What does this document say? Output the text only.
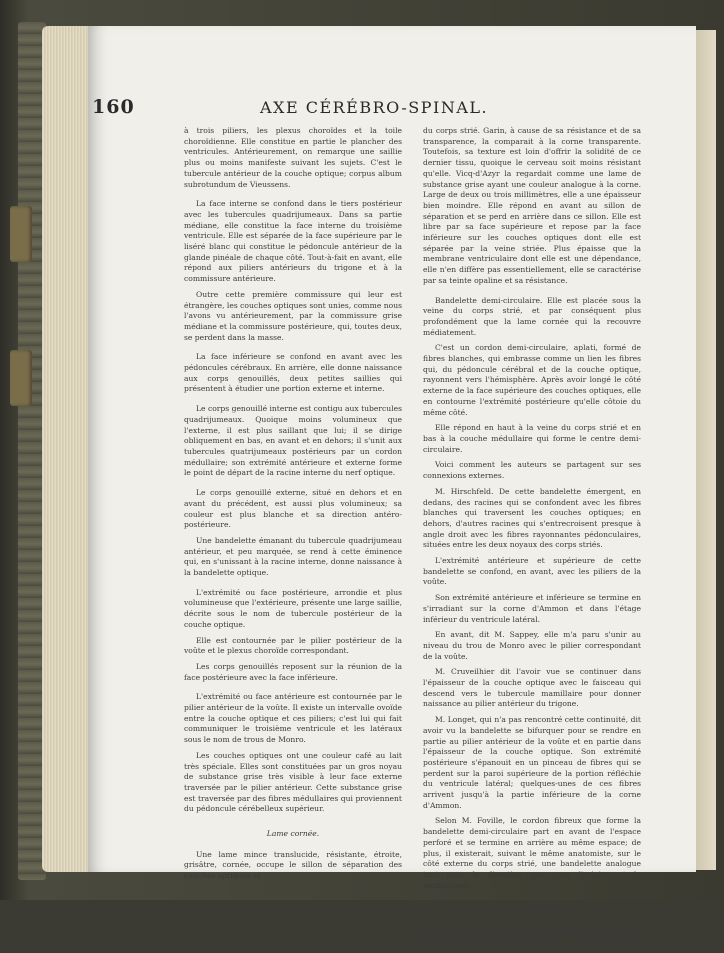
160	AXE CÉRÉBRO-SPINAL.

à trois piliers, les plexus choroïdes et la toile choroïdienne. Elle constitue en partie le plancher des ventricules. Antérieurement, on remarque une saillie plus ou moins manifeste suivant les sujets. C'est le tubercule antérieur de la couche optique; corpus album subrotundum de Vieussens.

La face interne se confond dans le tiers postérieur avec les tubercules quadrijumeaux. Dans sa partie médiane, elle constitue la face interne du troisième ventricule. Elle est séparée de la face supérieure par le liséré blanc qui constitue le pédoncule antérieur de la glande pinéale de chaque côté. Tout-à-fait en avant, elle répond aux piliers antérieurs du trigone et à la commissure antérieure.

Outre cette première commissure qui leur est étrangère, les couches optiques sont unies, comme nous l'avons vu antérieurement, par la commissure grise médiane et la commissure postérieure, qui, toutes deux, se perdent dans la masse.

La face inférieure se confond en avant avec les pédoncules cérébraux. En arrière, elle donne naissance aux corps genouillés, deux petites saillies qui présentent à étudier une portion externe et interne.

Le corps genouillé interne est contigu aux tubercules quadrijumeaux. Quoique moins volumineux que l'externe, il est plus saillant que lui; il se dirige obliquement en bas, en avant et en dehors; il s'unit aux tubercules quatrijumeaux postérieurs par un cordon médullaire; son extrémité antérieure et externe forme le point de départ de la racine interne du nerf optique.

Le corps genouillé externe, situé en dehors et en avant du précédent, est aussi plus volumineux; sa couleur est plus blanche et sa direction antéro-postérieure.

Une bandelette émanant du tubercule quadrijumeau antérieur, et peu marquée, se rend à cette éminence qui, en s'unissant à la racine interne, donne naissance à la bandelette optique.

L'extrémité ou face postérieure, arrondie et plus volumineuse que l'extérieure, présente une large saillie, décrite sous le nom de tubercule postérieur de la couche optique.

Elle est contournée par le pilier postérieur de la voûte et le plexus choroïde correspondant.

Les corps genouillés reposent sur la réunion de la face postérieure avec la face inférieure.

L'extrémité ou face antérieure est contournée par le pilier antérieur de la voûte. Il existe un intervalle ovoïde entre la couche optique et ces piliers; c'est lui qui fait communiquer le troisième ventricule et les latéraux sous le nom de trous de Monro.

Les couches optiques ont une couleur café au lait très spéciale. Elles sont constituées par un gros noyau de substance grise très visible à leur face externe traversée par le pilier antérieur. Cette substance grise est traversée par des fibres médullaires qui proviennent du pédoncule cérébelleux supérieur.

Lame cornée.

Une lame mince translucide, résistante, étroite, grisâtre, cornée, occupe le sillon de séparation des couches optiques et

du corps strié. Garin, à cause de sa résistance et de sa transparence, la comparait à la corne transparente. Toutefois, sa texture est loin d'offrir la solidité de ce dernier tissu, quoique le cerveau soit moins résistant qu'elle. Vicq-d'Azyr la regardait comme une lame de substance grise ayant une couleur analogue à la corne. Large de deux ou trois millimètres, elle a une épaisseur bien moindre. Elle répond en avant au sillon de séparation et se perd en arrière dans ce sillon. Elle est libre par sa face supérieure et repose par la face inférieure sur les couches optiques dont elle est séparée par la veine striée. Plus épaisse que la membrane ventriculaire dont elle est une dépendance, elle n'en diffère pas essentiellement, elle se caractérise par sa teinte opaline et sa résistance.

Bandelette demi-circulaire. Elle est placée sous la veine du corps strié, et par conséquent plus profondément que la lame cornée qui la recouvre médiatement.

C'est un cordon demi-circulaire, aplati, formé de fibres blanches, qui embrasse comme un lien les fibres qui, du pédoncule cérébral et de la couche optique, rayonnent vers l'hémisphère. Après avoir longé le côté externe de la face supérieure des couches optiques, elle en contourne l'extrémité postérieure qu'elle côtoie du même côté.

Elle répond en haut à la veine du corps strié et en bas à la couche médullaire qui forme le centre demi-circulaire.

Voici comment les auteurs se partagent sur ses connexions externes.

M. Hirschfeld. De cette bandelette émergent, en dedans, des racines qui se confondent avec les fibres blanches qui traversent les couches optiques; en dehors, d'autres racines qui s'entrecroisent presque à angle droit avec les fibres rayonnantes pédonculaires, situées entre les deux noyaux des corps striés.

L'extrémité antérieure et supérieure de cette bandelette se confond, en avant, avec les piliers de la voûte.

Son extrémité antérieure et inférieure se termine en s'irradiant sur la corne d'Ammon et dans l'étage inférieur du ventricule latéral.

En avant, dit M. Sappey, elle m'a paru s'unir au niveau du trou de Monro avec le pilier correspondant de la voûte.

M. Cruveilhier dit l'avoir vue se continuer dans l'épaisseur de la couche optique avec le faisceau qui descend vers le tubercule mamillaire pour donner naissance au pilier antérieur du trigone.

M. Longet, qui n'a pas rencontré cette continuité, dit avoir vu la bandelette se bifurquer pour se rendre en partie au pilier antérieur de la voûte et en partie dans l'épaisseur de la couche optique. Son extrémité postérieure s'épanouit en un pinceau de fibres qui se perdent sur la paroi supérieure de la portion réfléchie du ventricule latéral; quelques-unes de ces fibres arrivent jusqu'à la partie inférieure de la corne d'Ammon.

Selon M. Foville, le cordon fibreux que forme la bandelette demi-circulaire part en avant de l'espace perforé et se termine en arrière au même espace; de plus, il existerait, suivant le même anatomiste, sur le côté externe du corps strié, une bandelette analogue tant pour la direction que pour l'origine et la terminaison.

Plexus choroïdes.

En étudiant la toile choroïdienne, nous avons mentionné les
